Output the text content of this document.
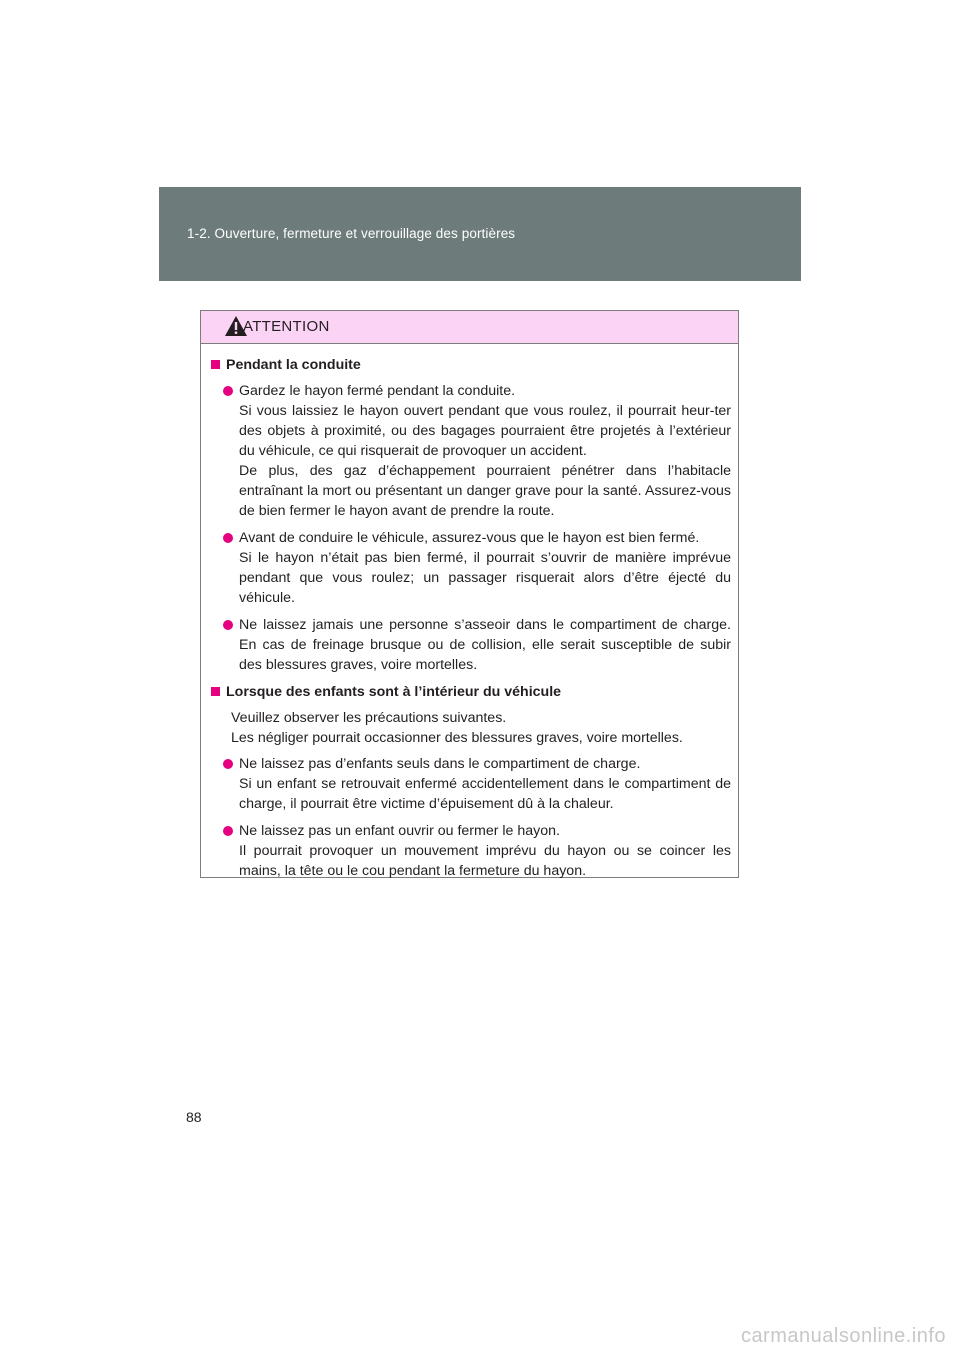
1-2. Ouverture, fermeture et verrouillage des portières
ATTENTION
Pendant la conduite

Gardez le hayon fermé pendant la conduite.

Si vous laissiez le hayon ouvert pendant que vous roulez, il pourrait heur-ter des objets à proximité, ou des bagages pourraient être projetés à l’extérieur du véhicule, ce qui risquerait de provoquer un accident.

De plus, des gaz d’échappement pourraient pénétrer dans l’habitacle entraînant la mort ou présentant un danger grave pour la santé. Assurez-vous de bien fermer le hayon avant de prendre la route.

Avant de conduire le véhicule, assurez-vous que le hayon est bien fermé.

Si le hayon n’était pas bien fermé, il pourrait s’ouvrir de manière imprévue pendant que vous roulez; un passager risquerait alors d’être éjecté du véhicule.

Ne laissez jamais une personne s’asseoir dans le compartiment de charge. En cas de freinage brusque ou de collision, elle serait susceptible de subir des blessures graves, voire mortelles.

Lorsque des enfants sont à l’intérieur du véhicule

Veuillez observer les précautions suivantes.

Les négliger pourrait occasionner des blessures graves, voire mortelles.

Ne laissez pas d’enfants seuls dans le compartiment de charge.

Si un enfant se retrouvait enfermé accidentellement dans le compartiment de charge, il pourrait être victime d’épuisement dû à la chaleur.

Ne laissez pas un enfant ouvrir ou fermer le hayon.

Il pourrait provoquer un mouvement imprévu du hayon ou se coincer les mains, la tête ou le cou pendant la fermeture du hayon.

88
carmanualsonline.info
